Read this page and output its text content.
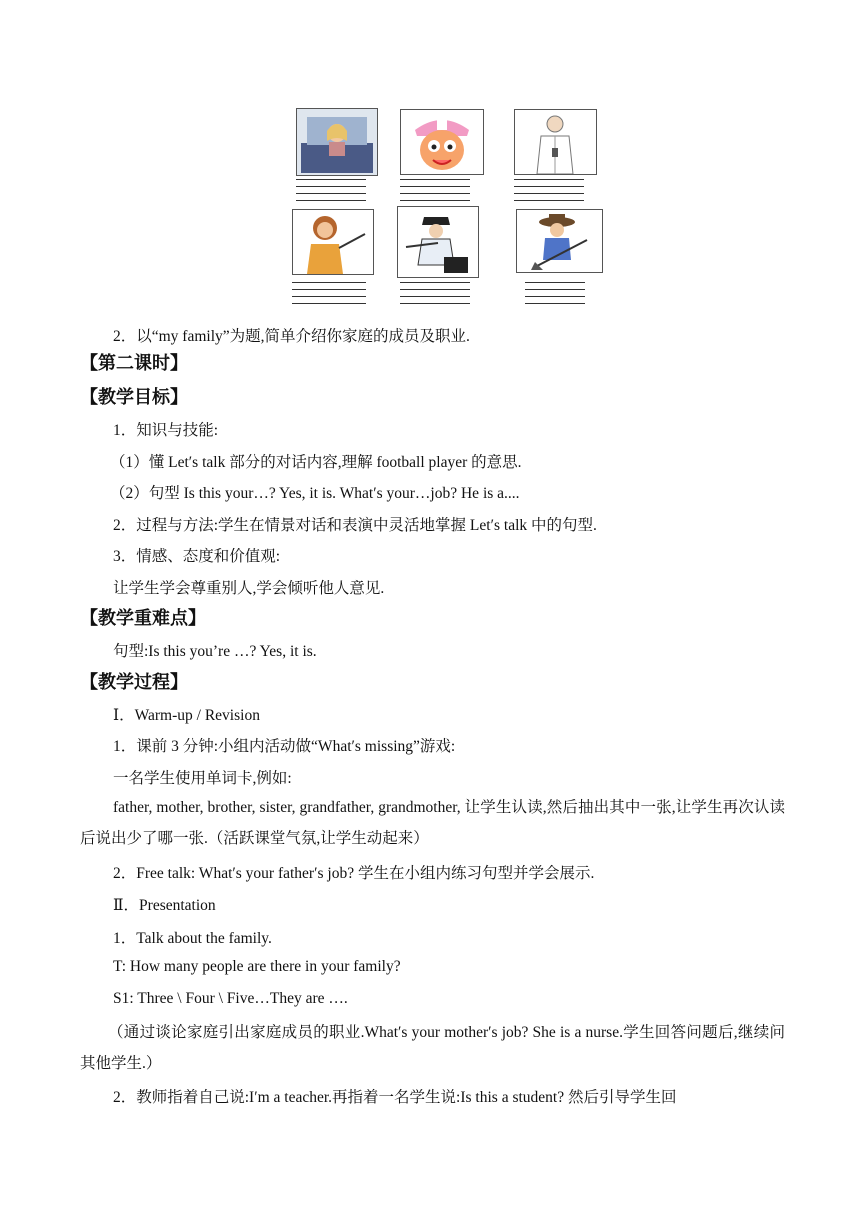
2．以“my family”为题,简单介绍你家庭的成员及职业.
【第二课时】
【教学目标】
1．知识与技能:
（1）懂 Let′s talk 部分的对话内容,理解 football player 的意思.
（2）句型 Is this your…? Yes, it is. What′s your…job? He is a....
2．过程与方法:学生在情景对话和表演中灵活地掌握 Let′s talk 中的句型.
3．情感、态度和价值观:
让学生学会尊重别人,学会倾听他人意见.
【教学重难点】
句型:Is this you’re …? Yes, it is.
【教学过程】
Ⅰ．Warm-up / Revision
1．课前 3 分钟:小组内活动做“What′s missing”游戏:
一名学生使用单词卡,例如:
father, mother, brother, sister, grandfather, grandmother, 让学生认读,然后抽出其中一张,让学生再次认读后说出少了哪一张.（活跃课堂气氛,让学生动起来）
2．Free talk: What′s your father′s job? 学生在小组内练习句型并学会展示.
Ⅱ．Presentation
1．Talk about the family.
T: How many people are there in your family?
S1: Three \ Four \ Five…They are ….
（通过谈论家庭引出家庭成员的职业.What′s your mother′s job? She is a nurse.学生回答问题后,继续问其他学生.）
2．教师指着自己说:I′m a teacher.再指着一名学生说:Is this a student? 然后引导学生回
